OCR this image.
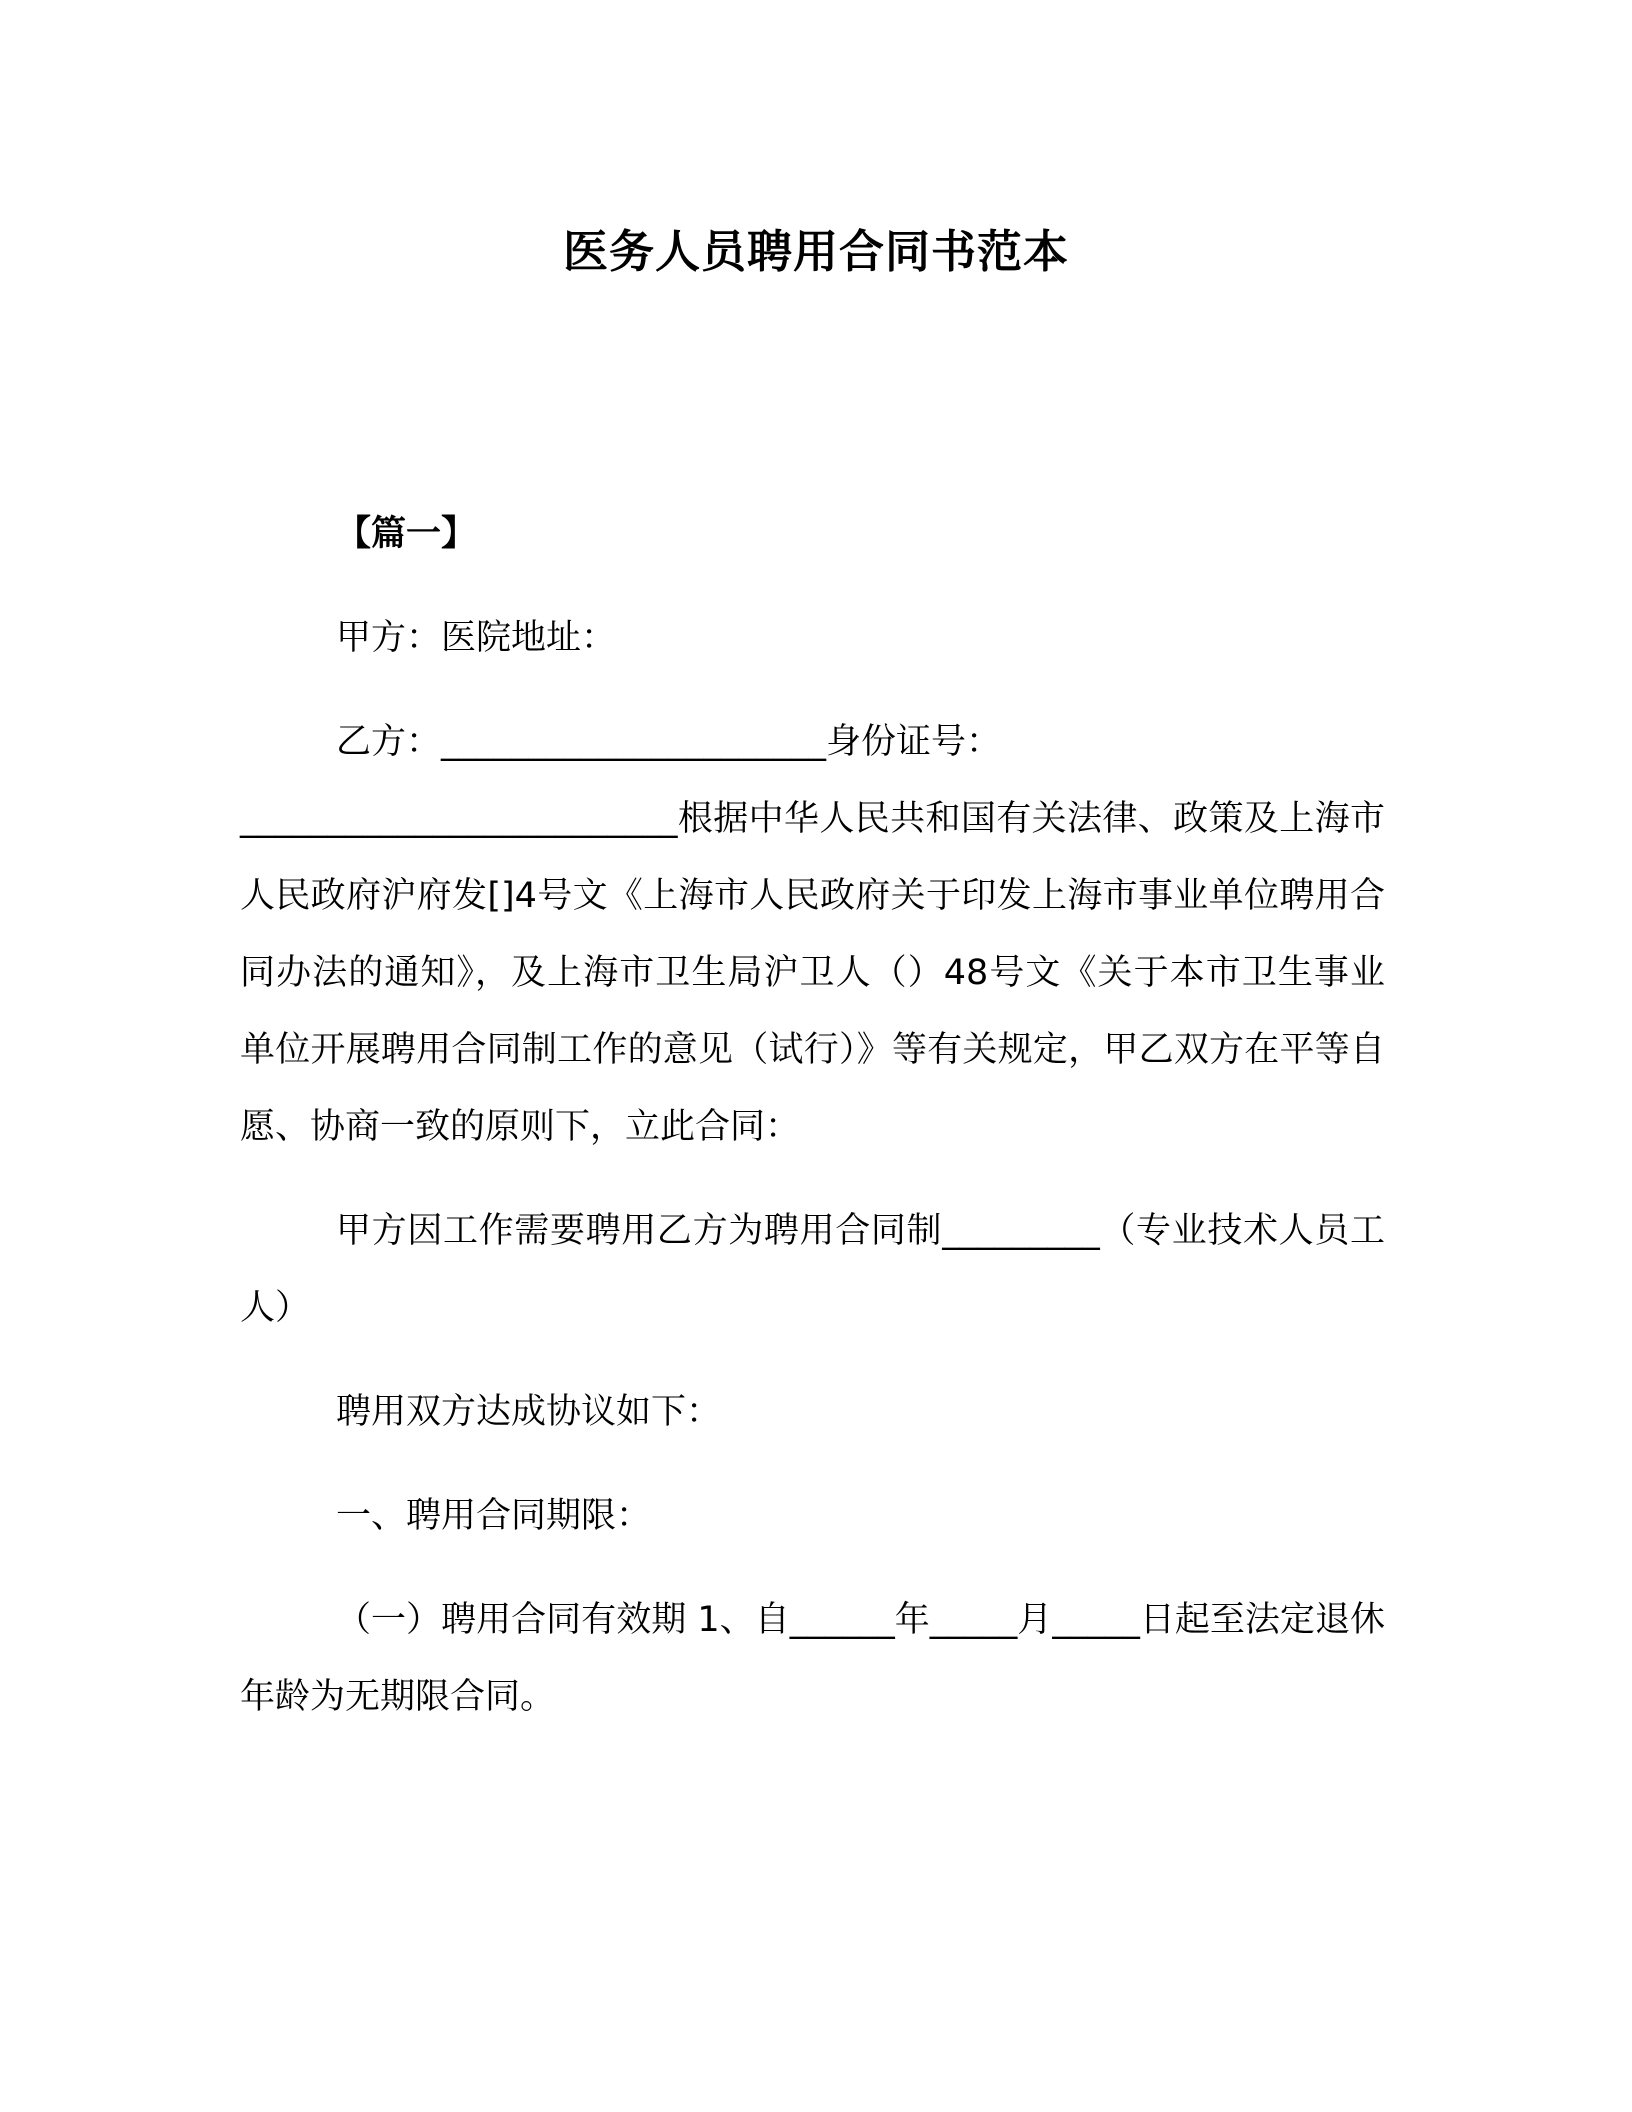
医务人员聘用合同书范本

【篇一】

甲方：医院地址：

乙方：______________________身份证号：

_________________________根据中华人民共和国有关法律、政策及上海市人民政府沪府发[]4号文《上海市人民政府关于印发上海市事业单位聘用合同办法的通知》，及上海市卫生局沪卫人（）48号文《关于本市卫生事业单位开展聘用合同制工作的意见（试行）》等有关规定，甲乙双方在平等自愿、协商一致的原则下，立此合同：

甲方因工作需要聘用乙方为聘用合同制_________（专业技术人员工人）

聘用双方达成协议如下：

一、聘用合同期限：

（一）聘用合同有效期 1、自______年_____月_____日起至法定退休年龄为无期限合同。
